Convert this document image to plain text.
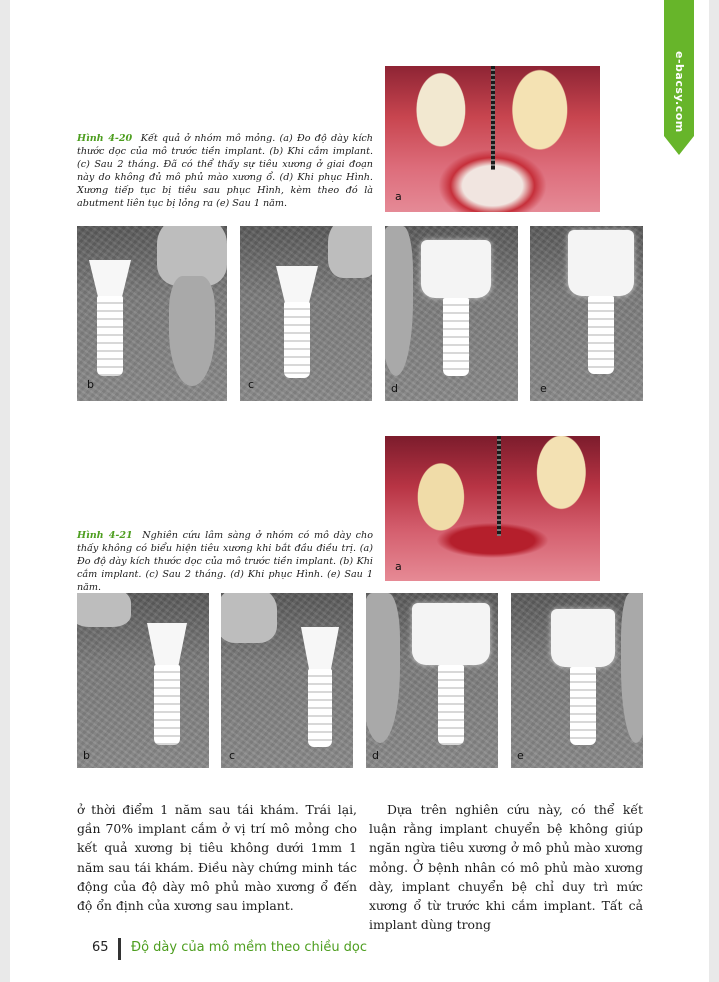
e-bacsy.com
a
Hình 4-20 Kết quả ở nhóm mô mỏng. (a) Đo độ dày kích thước dọc của mô trước tiền implant. (b) Khi cắm implant. (c) Sau 2 tháng. Đã có thể thấy sự tiêu xương ở giai đoạn này do không đủ mô phủ mào xương ổ. (d) Khi phục Hình. Xương tiếp tục bị tiêu sau phục Hình, kèm theo đó là abutment liên tục bị lỏng ra (e) Sau 1 năm.
b	c	d	e
a
Hình 4-21 Nghiên cứu lâm sàng ở nhóm có mô dày cho thấy không có biểu hiện tiêu xương khi bắt đầu điều trị. (a) Đo độ dày kích thước dọc của mô trước tiền implant. (b) Khi cắm implant. (c) Sau 2 tháng. (d) Khi phục Hình. (e) Sau 1 năm.
b	c	d	e
ở thời điểm 1 năm sau tái khám. Trái lại, gần 70% implant cắm ở vị trí mô mỏng cho kết quả xương bị tiêu không dưới 1mm 1 năm sau tái khám. Điều này chứng minh tác động của độ dày mô phủ mào xương ổ đến độ ổn định của xương sau implant.
Dựa trên nghiên cứu này, có thể kết luận rằng implant chuyển bệ không giúp ngăn ngừa tiêu xương ở mô phủ mào xương mỏng. Ở bệnh nhân có mô phủ mào xương dày, implant chuyển bệ chỉ duy trì mức xương ổ từ trước khi cắm implant. Tất cả implant dùng trong
65 Độ dày của mô mềm theo chiều dọc
